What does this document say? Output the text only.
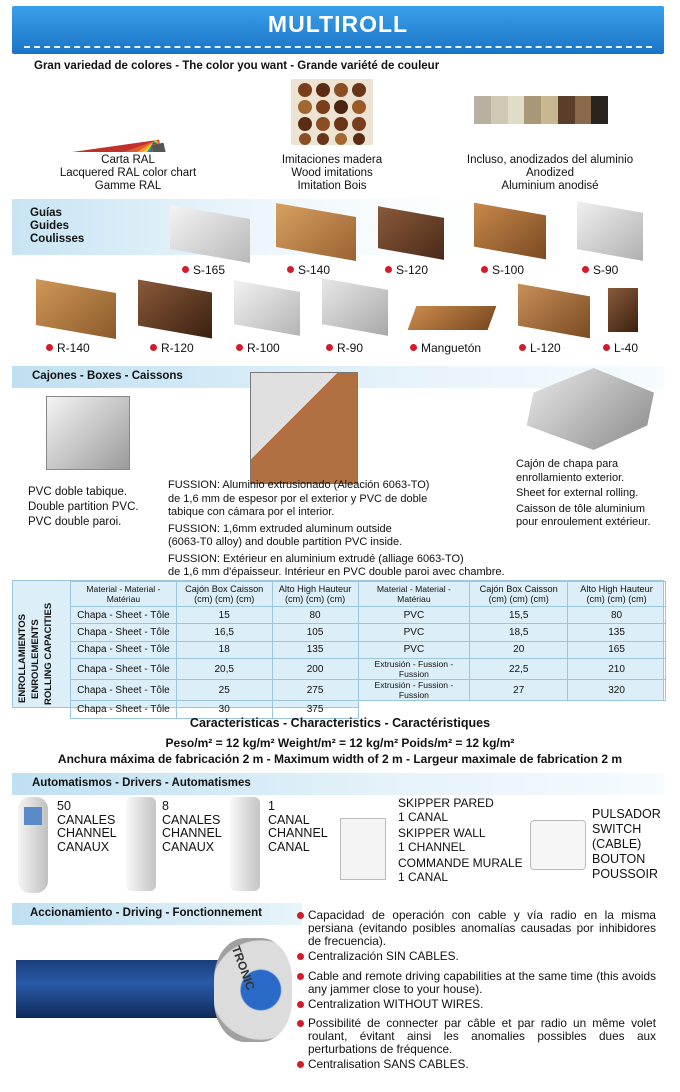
MULTIROLL
Gran variedad de colores - The color you want - Grande variété de couleur
Carta RAL
Lacquered RAL color chart
Gamme RAL
Imitaciones madera
Wood imitations
Imitation Bois
Incluso, anodizados del aluminio
Anodized
Aluminium anodisé
Guías
Guides
Coulisses
S-165	S-140	S-120	S-100	S-90
R-140	R-120	R-100	R-90	Manguetón	L-120	L-40
Cajones - Boxes - Caissons
PVC doble tabique.
Double partition PVC.
PVC double paroi.
FUSSION: Aluminio extrusionado (Aleación 6063-TO)
de 1,6 mm de espesor por el exterior y PVC de doble
tabique con cámara por el interior.
FUSSION: 1,6mm extruded aluminum outside
(6063-T0 alloy) and double partition PVC inside.
FUSSION: Extérieur en aluminium extrudé (alliage 6063-TO)
de 1,6 mm d'épaisseur. Intérieur en PVC double paroi avec chambre.
Cajón de chapa para
enrollamiento exterior.
Sheet for external rolling.
Caisson de tôle aluminium
pour enroulement extérieur.
ENROLLAMIENTOS ENROULEMENTS ROLLING CAPACITIES
Material - Material - Matériau	Cajón Box Caisson (cm) (cm) (cm)	Alto High Hauteur (cm) (cm) (cm)	Material - Material - Matériau	Cajón Box Caisson (cm) (cm) (cm)	Alto High Hauteur (cm) (cm) (cm)
Chapa - Sheet - Tôle	15	80	PVC	15,5	80
Chapa - Sheet - Tôle	16,5	105	PVC	18,5	135
Chapa - Sheet - Tôle	18	135	PVC	20	165
Chapa - Sheet - Tôle	20,5	200	Extrusión - Fussion - Fussion	22,5	210
Chapa - Sheet - Tôle	25	275	Extrusión - Fussion - Fussion	27	320
Chapa - Sheet - Tôle	30	375			
Caracteristicas - Characteristics - Caractéristiques
Peso/m² = 12 kg/m² Weight/m² = 12 kg/m² Poids/m² = 12 kg/m²
Anchura máxima de fabricación 2 m - Maximum width of 2 m - Largeur maximale de fabrication 2 m
Automatismos - Drivers - Automatismes
50
CANALES
CHANNEL
CANAUX
8
CANALES
CHANNEL
CANAUX
1
CANAL
CHANNEL
CANAL
SKIPPER PARED
1 CANAL
SKIPPER WALL
1 CHANNEL
COMMANDE MURALE
1 CANAL
PULSADOR
SWITCH
(CABLE)
BOUTON
POUSSOIR
Accionamiento - Driving - Fonctionnement
TRONIC
Capacidad de operación con cable y vía radio en la misma persiana (evitando posibles anomalías causadas por inhibidores de frecuencia).
Centralización SIN CABLES.
Cable and remote driving capabilities at the same time (this avoids any jammer close to your house).
Centralization WITHOUT WIRES.
Possibilité de connecter par câble et par radio un même volet roulant, évitant ainsi les anomalies possibles dues aux perturbations de fréquence.
Centralisation SANS CABLES.
